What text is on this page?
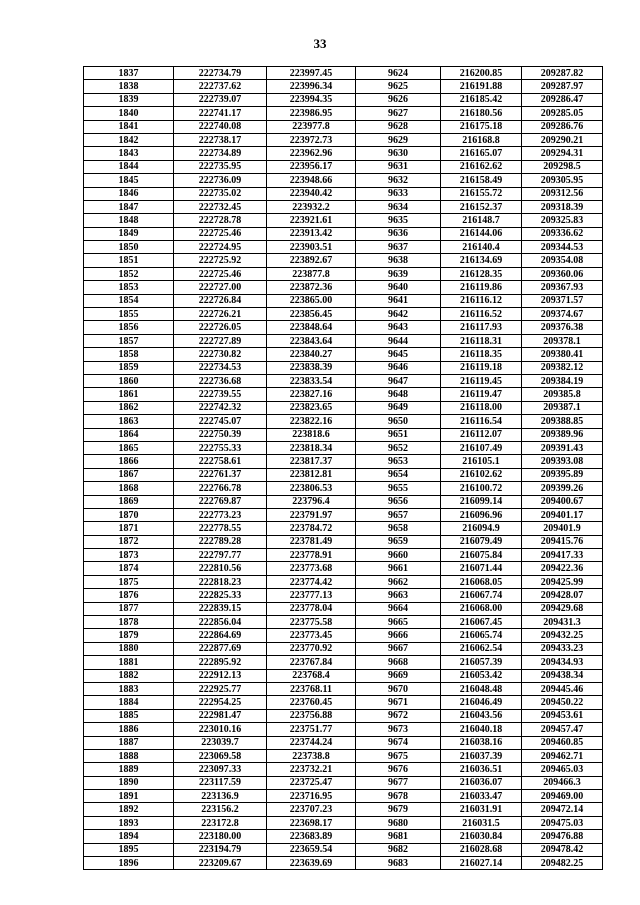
33
1837	222734.79	223997.45	9624	216200.85	209287.82
1838	222737.62	223996.34	9625	216191.88	209287.97
1839	222739.07	223994.35	9626	216185.42	209286.47
1840	222741.17	223986.95	9627	216180.56	209285.05
1841	222740.08	223977.8	9628	216175.18	209286.76
1842	222738.17	223972.73	9629	216168.8	209290.21
1843	222734.89	223962.96	9630	216165.07	209294.31
1844	222735.95	223956.17	9631	216162.62	209298.5
1845	222736.09	223948.66	9632	216158.49	209305.95
1846	222735.02	223940.42	9633	216155.72	209312.56
1847	222732.45	223932.2	9634	216152.37	209318.39
1848	222728.78	223921.61	9635	216148.7	209325.83
1849	222725.46	223913.42	9636	216144.06	209336.62
1850	222724.95	223903.51	9637	216140.4	209344.53
1851	222725.92	223892.67	9638	216134.69	209354.08
1852	222725.46	223877.8	9639	216128.35	209360.06
1853	222727.00	223872.36	9640	216119.86	209367.93
1854	222726.84	223865.00	9641	216116.12	209371.57
1855	222726.21	223856.45	9642	216116.52	209374.67
1856	222726.05	223848.64	9643	216117.93	209376.38
1857	222727.89	223843.64	9644	216118.31	209378.1
1858	222730.82	223840.27	9645	216118.35	209380.41
1859	222734.53	223838.39	9646	216119.18	209382.12
1860	222736.68	223833.54	9647	216119.45	209384.19
1861	222739.55	223827.16	9648	216119.47	209385.8
1862	222742.32	223823.65	9649	216118.00	209387.1
1863	222745.07	223822.16	9650	216116.54	209388.85
1864	222750.39	223818.6	9651	216112.07	209389.96
1865	222755.33	223818.34	9652	216107.49	209391.43
1866	222758.61	223817.37	9653	216105.1	209393.08
1867	222761.37	223812.81	9654	216102.62	209395.89
1868	222766.78	223806.53	9655	216100.72	209399.26
1869	222769.87	223796.4	9656	216099.14	209400.67
1870	222773.23	223791.97	9657	216096.96	209401.17
1871	222778.55	223784.72	9658	216094.9	209401.9
1872	222789.28	223781.49	9659	216079.49	209415.76
1873	222797.77	223778.91	9660	216075.84	209417.33
1874	222810.56	223773.68	9661	216071.44	209422.36
1875	222818.23	223774.42	9662	216068.05	209425.99
1876	222825.33	223777.13	9663	216067.74	209428.07
1877	222839.15	223778.04	9664	216068.00	209429.68
1878	222856.04	223775.58	9665	216067.45	209431.3
1879	222864.69	223773.45	9666	216065.74	209432.25
1880	222877.69	223770.92	9667	216062.54	209433.23
1881	222895.92	223767.84	9668	216057.39	209434.93
1882	222912.13	223768.4	9669	216053.42	209438.34
1883	222925.77	223768.11	9670	216048.48	209445.46
1884	222954.25	223760.45	9671	216046.49	209450.22
1885	222981.47	223756.88	9672	216043.56	209453.61
1886	223010.16	223751.77	9673	216040.18	209457.47
1887	223039.7	223744.24	9674	216038.16	209460.85
1888	223069.58	223738.8	9675	216037.39	209462.71
1889	223097.33	223732.21	9676	216036.51	209465.03
1890	223117.59	223725.47	9677	216036.07	209466.3
1891	223136.9	223716.95	9678	216033.47	209469.00
1892	223156.2	223707.23	9679	216031.91	209472.14
1893	223172.8	223698.17	9680	216031.5	209475.03
1894	223180.00	223683.89	9681	216030.84	209476.88
1895	223194.79	223659.54	9682	216028.68	209478.42
1896	223209.67	223639.69	9683	216027.14	209482.25
